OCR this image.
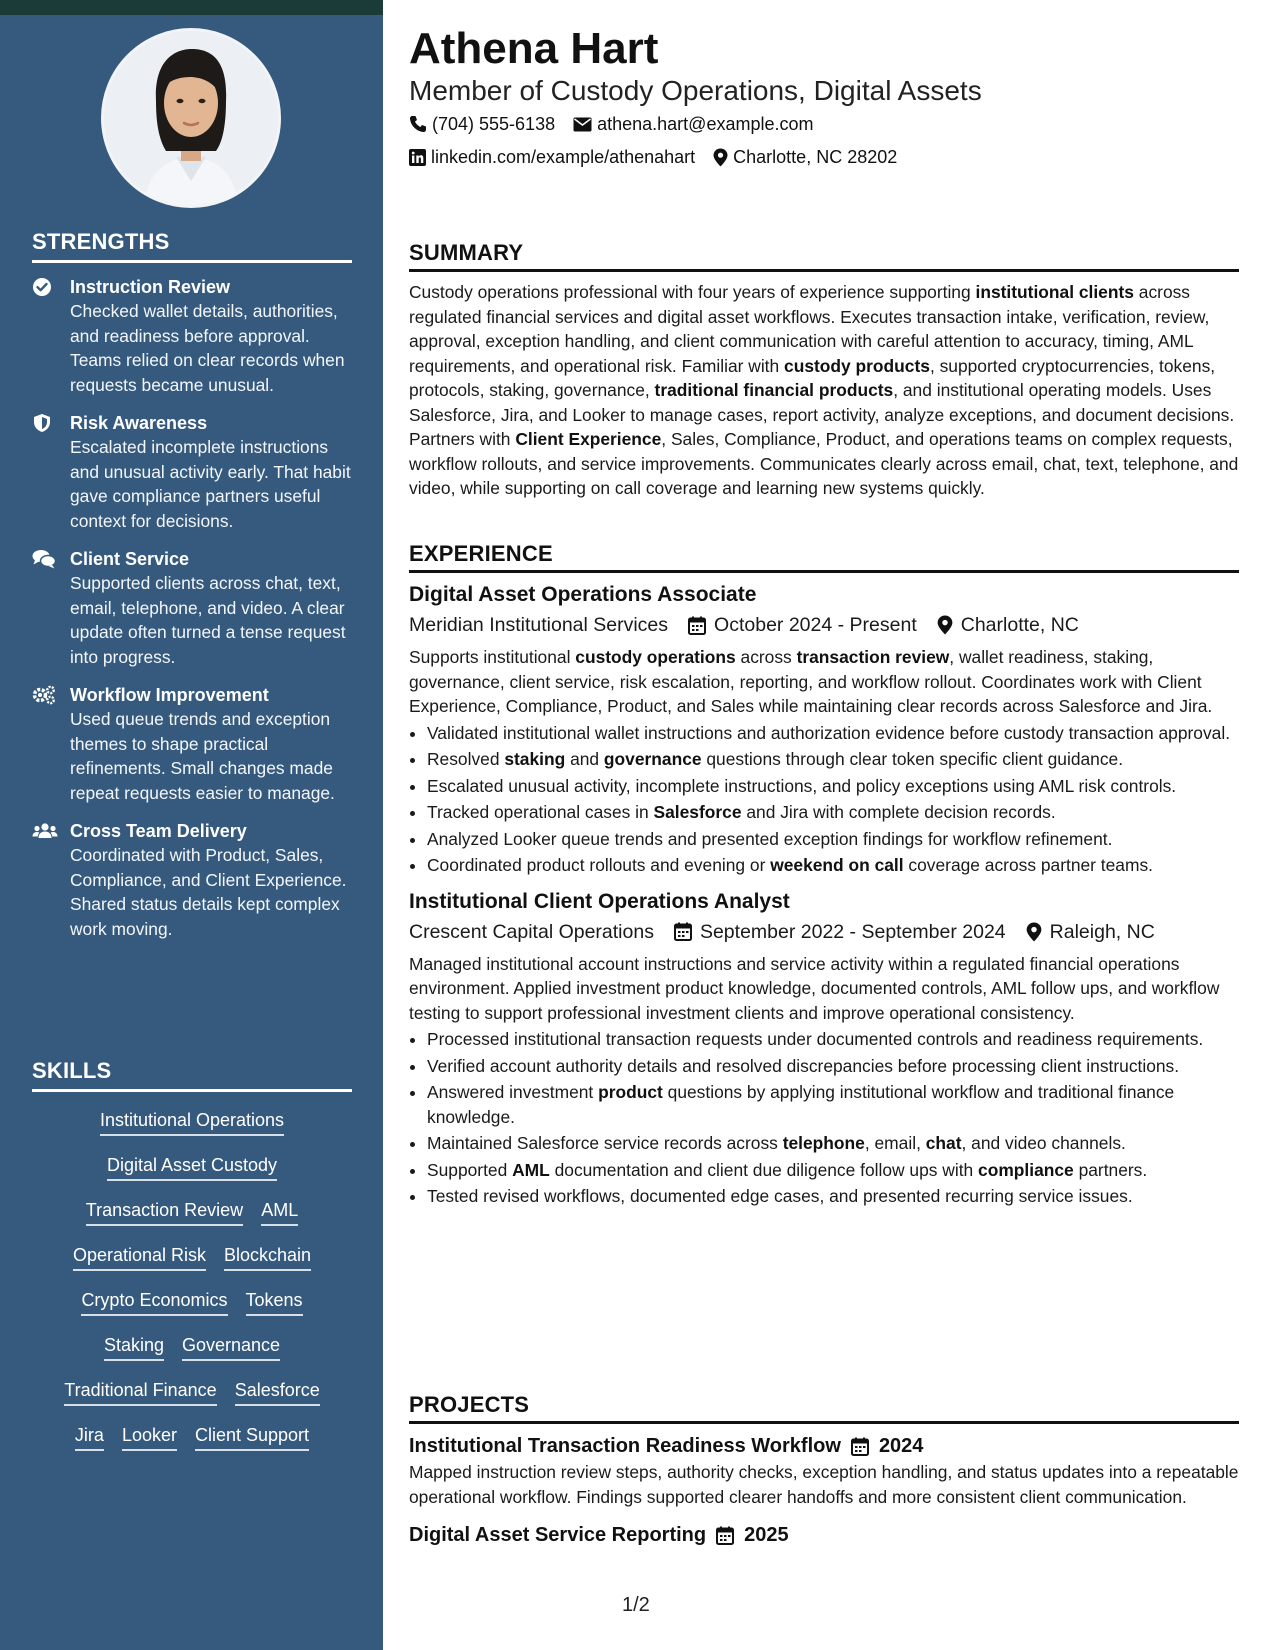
STRENGTHS
Instruction Review
Checked wallet details, authorities, and readiness before approval. Teams relied on clear records when requests became unusual.
Risk Awareness
Escalated incomplete instructions and unusual activity early. That habit gave compliance partners useful context for decisions.
Client Service
Supported clients across chat, text, email, telephone, and video. A clear update often turned a tense request into progress.
Workflow Improvement
Used queue trends and exception themes to shape practical refinements. Small changes made repeat requests easier to manage.
Cross Team Delivery
Coordinated with Product, Sales, Compliance, and Client Experience. Shared status details kept complex work moving.
SKILLS
Institutional Operations
Digital Asset Custody
Transaction Review AML
Operational Risk Blockchain
Crypto Economics Tokens
Staking Governance
Traditional Finance Salesforce
Jira Looker Client Support
Athena Hart
Member of Custody Operations, Digital Assets
(704) 555-6138 athena.hart@example.com
linkedin.com/example/athenahart Charlotte, NC 28202
SUMMARY

Custody operations professional with four years of experience supporting institutional clients across regulated financial services and digital asset workflows. Executes transaction intake, verification, review, approval, exception handling, and client communication with careful attention to accuracy, timing, AML requirements, and operational risk. Familiar with custody products, supported cryptocurrencies, tokens, protocols, staking, governance, traditional financial products, and institutional operating models. Uses Salesforce, Jira, and Looker to manage cases, report activity, analyze exceptions, and document decisions. Partners with Client Experience, Sales, Compliance, Product, and operations teams on complex requests, workflow rollouts, and service improvements. Communicates clearly across email, chat, text, telephone, and video, while supporting on call coverage and learning new systems quickly.

EXPERIENCE
Digital Asset Operations Associate
Meridian Institutional Services October 2024 - Present Charlotte, NC

Supports institutional custody operations across transaction review, wallet readiness, staking, governance, client service, risk escalation, reporting, and workflow rollout. Coordinates work with Client Experience, Compliance, Product, and Sales while maintaining clear records across Salesforce and Jira.

• Validated institutional wallet instructions and authorization evidence before custody transaction approval.
• Resolved staking and governance questions through clear token specific client guidance.
• Escalated unusual activity, incomplete instructions, and policy exceptions using AML risk controls.
• Tracked operational cases in Salesforce and Jira with complete decision records.
• Analyzed Looker queue trends and presented exception findings for workflow refinement.
• Coordinated product rollouts and evening or weekend on call coverage across partner teams.
Institutional Client Operations Analyst
Crescent Capital Operations September 2022 - September 2024 Raleigh, NC

Managed institutional account instructions and service activity within a regulated financial operations environment. Applied investment product knowledge, documented controls, AML follow ups, and workflow testing to support professional investment clients and improve operational consistency.

• Processed institutional transaction requests under documented controls and readiness requirements.
• Verified account authority details and resolved discrepancies before processing client instructions.
• Answered investment product questions by applying institutional workflow and traditional finance knowledge.
• Maintained Salesforce service records across telephone, email, chat, and video channels.
• Supported AML documentation and client due diligence follow ups with compliance partners.
• Tested revised workflows, documented edge cases, and presented recurring service issues.
PROJECTS
Institutional Transaction Readiness Workflow 2024

Mapped instruction review steps, authority checks, exception handling, and status updates into a repeatable operational workflow. Findings supported clearer handoffs and more consistent client communication.

Digital Asset Service Reporting 2025
1/2
